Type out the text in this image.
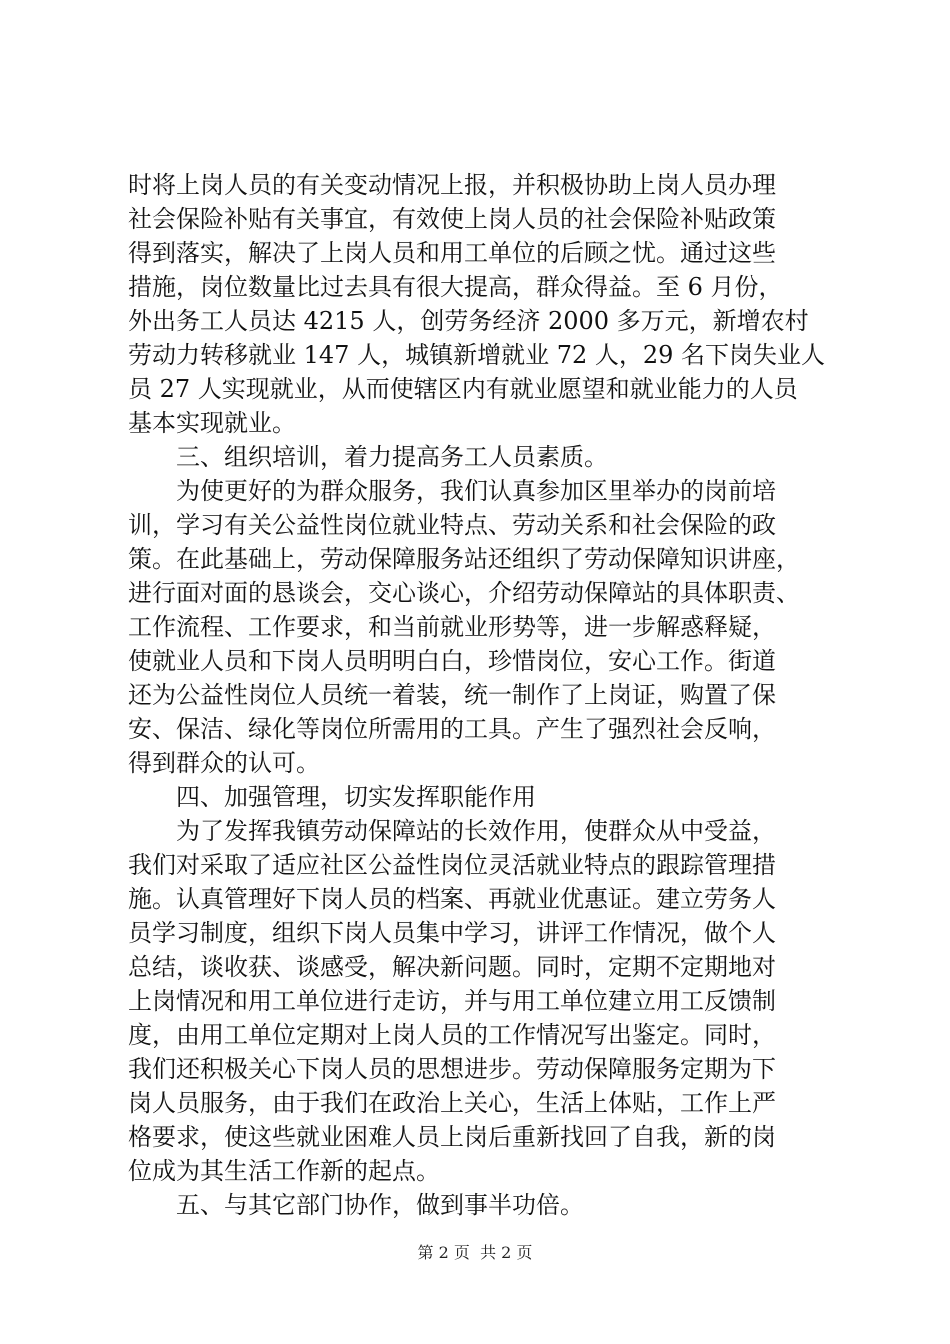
时将上岗人员的有关变动情况上报，并积极协助上岗人员办理
社会保险补贴有关事宜，有效使上岗人员的社会保险补贴政策
得到落实，解决了上岗人员和用工单位的后顾之忧。通过这些
措施，岗位数量比过去具有很大提高，群众得益。至 6 月份，
外出务工人员达 4215 人，创劳务经济 2000 多万元，新增农村
劳动力转移就业 147 人，城镇新增就业 72 人，29 名下岗失业人
员 27 人实现就业，从而使辖区内有就业愿望和就业能力的人员
基本实现就业。
　　三、组织培训，着力提高务工人员素质。
　　为使更好的为群众服务，我们认真参加区里举办的岗前培
训，学习有关公益性岗位就业特点、劳动关系和社会保险的政
策。在此基础上，劳动保障服务站还组织了劳动保障知识讲座，
进行面对面的恳谈会，交心谈心，介绍劳动保障站的具体职责、
工作流程、工作要求，和当前就业形势等，进一步解惑释疑，
使就业人员和下岗人员明明白白，珍惜岗位，安心工作。街道
还为公益性岗位人员统一着装，统一制作了上岗证，购置了保
安、保洁、绿化等岗位所需用的工具。产生了强烈社会反响，
得到群众的认可。
　　四、加强管理，切实发挥职能作用
　　为了发挥我镇劳动保障站的长效作用，使群众从中受益，
我们对采取了适应社区公益性岗位灵活就业特点的跟踪管理措
施。认真管理好下岗人员的档案、再就业优惠证。建立劳务人
员学习制度，组织下岗人员集中学习，讲评工作情况，做个人
总结，谈收获、谈感受，解决新问题。同时，定期不定期地对
上岗情况和用工单位进行走访，并与用工单位建立用工反馈制
度，由用工单位定期对上岗人员的工作情况写出鉴定。同时，
我们还积极关心下岗人员的思想进步。劳动保障服务定期为下
岗人员服务，由于我们在政治上关心，生活上体贴，工作上严
格要求，使这些就业困难人员上岗后重新找回了自我，新的岗
位成为其生活工作新的起点。
　　五、与其它部门协作，做到事半功倍。
第 2 页  共 2 页
